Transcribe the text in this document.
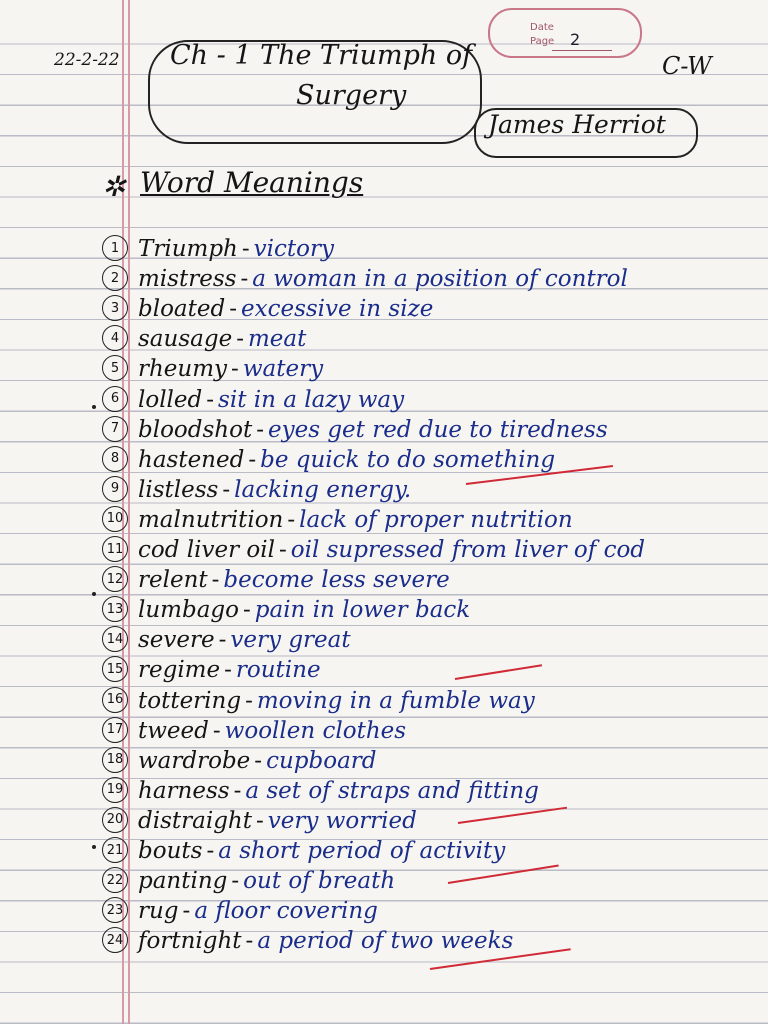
Date
Page 2
22-2-22 Ch - 1 The Triumph of
Surgery
C-W
James Herriot
✲ Word Meanings
1 Triumph - victory
2 mistress - a woman in a position of control
3 bloated - excessive in size
4 sausage - meat
5 rheumy - watery
6 lolled - sit in a lazy way
7 bloodshot - eyes get red due to tiredness
8 hastened - be quick to do something
9 listless - lacking energy.
10 malnutrition - lack of proper nutrition
11 cod liver oil - oil supressed from liver of cod
12 relent - become less severe
13 lumbago - pain in lower back
14 severe - very great
15 regime - routine
16 tottering - moving in a fumble way
17 tweed - woollen clothes
18 wardrobe - cupboard
19 harness - a set of straps and fitting
20 distraight - very worried
21 bouts - a short period of activity
22 panting - out of breath
23 rug - a floor covering
24 fortnight - a period of two weeks
